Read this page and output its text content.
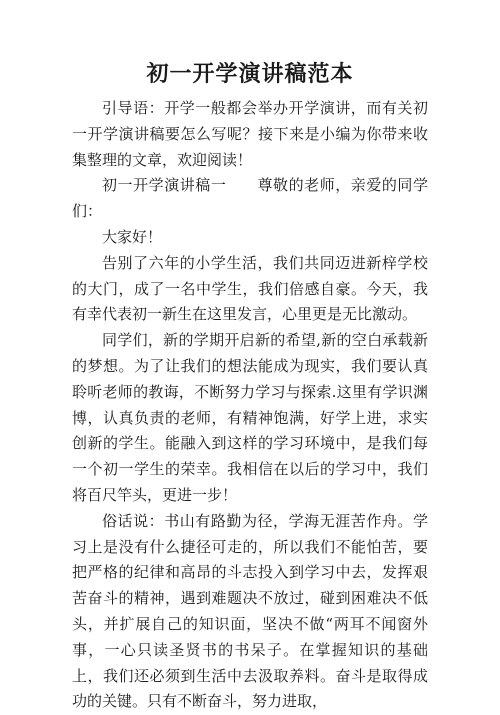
初一开学演讲稿范本

引导语：开学一般都会举办开学演讲，而有关初一开学演讲稿要怎么写呢？接下来是小编为你带来收集整理的文章，欢迎阅读！

初一开学演讲稿一　　尊敬的老师，亲爱的同学们：

大家好！

告别了六年的小学生活，我们共同迈进新梓学校的大门，成了一名中学生，我们倍感自豪。今天，我有幸代表初一新生在这里发言，心里更是无比激动。

同学们，新的学期开启新的希望,新的空白承载新的梦想。为了让我们的想法能成为现实，我们要认真聆听老师的教诲，不断努力学习与探索.这里有学识渊博，认真负责的老师，有精神饱满，好学上进，求实创新的学生。能融入到这样的学习环境中，是我们每一个初一学生的荣幸。我相信在以后的学习中，我们将百尺竿头，更进一步！

俗话说：书山有路勤为径，学海无涯苦作舟。学习上是没有什么捷径可走的，所以我们不能怕苦，要把严格的纪律和高昂的斗志投入到学习中去，发挥艰苦奋斗的精神，遇到难题决不放过，碰到困难决不低头，并扩展自己的知识面，坚决不做“两耳不闻窗外事，一心只读圣贤书的书呆子。在掌握知识的基础上，我们还必须到生活中去汲取养料。奋斗是取得成功的关键。只有不断奋斗，努力进取，
